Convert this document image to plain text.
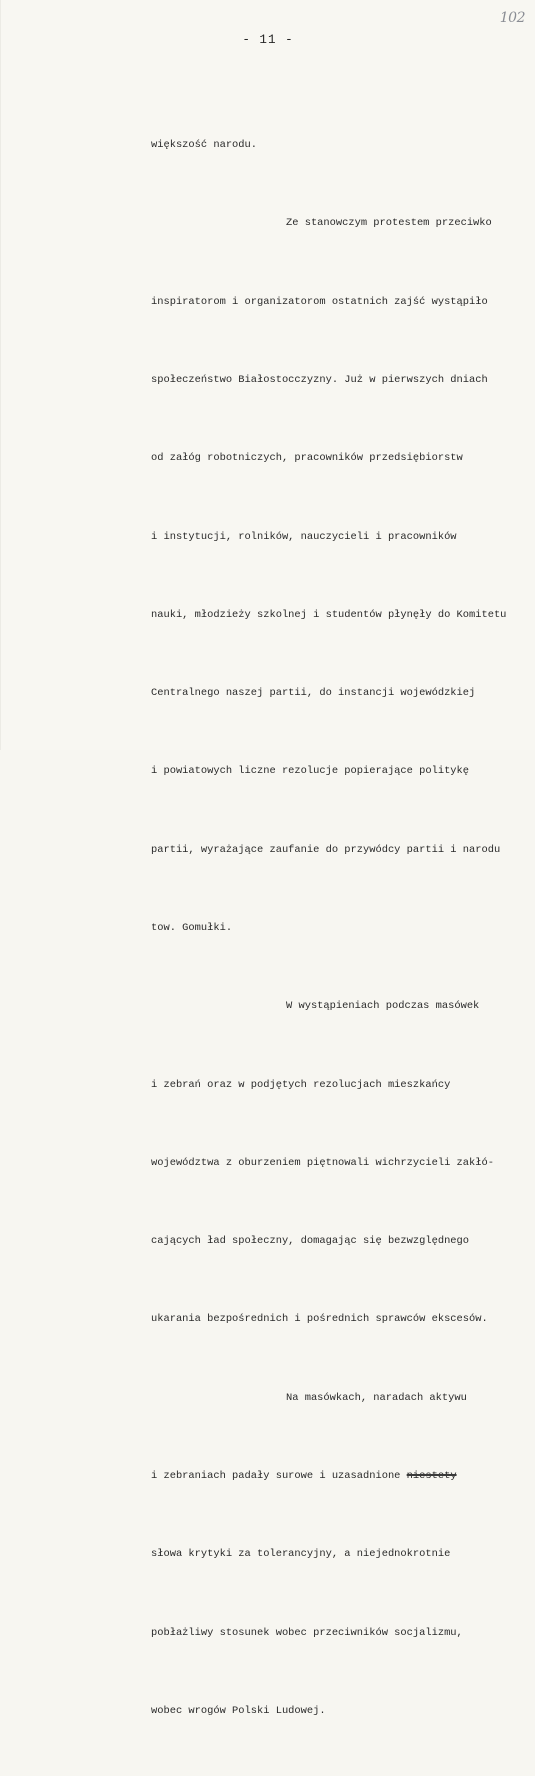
102
- 11 -

większość narodu.

Ze stanowczym protestem przeciwko

inspiratorom i organizatorom ostatnich zajść wystąpiło

społeczeństwo Białostocczyzny. Już w pierwszych dniach

od załóg robotniczych, pracowników przedsiębiorstw

i instytucji, rolników, nauczycieli i pracowników

nauki, młodzieży szkolnej i studentów płynęły do Komitetu

Centralnego naszej partii, do instancji wojewódzkiej

i powiatowych liczne rezolucje popierające politykę

partii, wyrażające zaufanie do przywódcy partii i narodu

tow. Gomułki.

W wystąpieniach podczas masówek

i zebrań oraz w podjętych rezolucjach mieszkańcy

województwa z oburzeniem piętnowali wichrzycieli zakłó-

cających ład społeczny, domagając się bezwzględnego

ukarania bezpośrednich i pośrednich sprawców ekscesów.

Na masówkach, naradach aktywu

i zebraniach padały surowe i uzasadnione niestety

słowa krytyki za tolerancyjny, a niejednokrotnie

pobłażliwy stosunek wobec przeciwników socjalizmu,

wobec wrogów Polski Ludowej.
